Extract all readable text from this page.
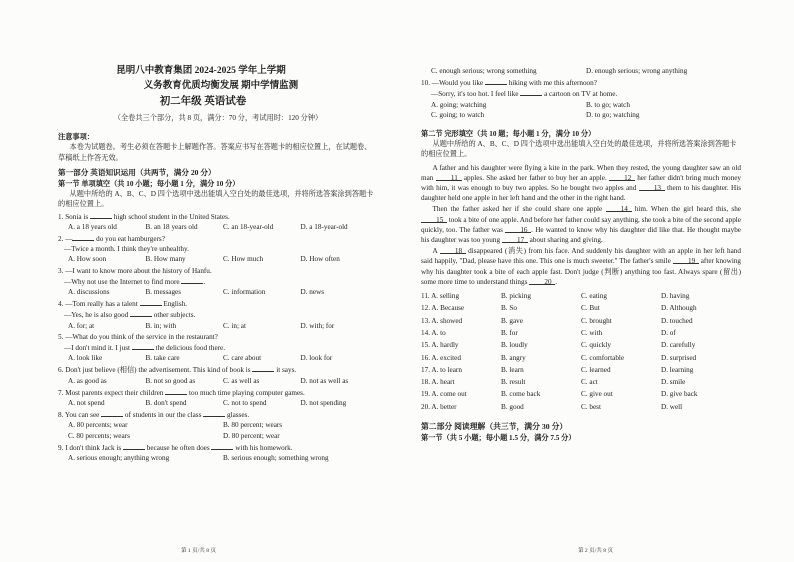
昆明八中教育集团 2024-2025 学年上学期
义务教育优质均衡发展 期中学情监测
初二年级 英语试卷
（全卷共三个部分，共 8 页，满分：70 分，考试用时：120 分钟）
注意事项：
本卷为试题卷。考生必须在答题卡上解题作答。答案应书写在答题卡的相应位置上，在试题卷、草稿纸上作答无效。
第一部分 英语知识运用（共两节，满分 20 分）
第一节 单项填空（共 10 小题；每小题 1 分，满分 10 分）
从题中所给的 A、B、C、D 四个选项中选出能填入空白处的最佳选项，并将所选答案涂到答题卡的相应位置上。
1. Sonia is	high school student in the United States.
A. a 18 years old	B. an 18 years old	C. an 18-year-old	D. a 18-year-old
2. —	do you eat hamburgers?
—Twice a month. I think they're unhealthy.
A. How soon	B. How many	C. How much	D. How often
3. —I want to know more about the history of Hanfu.
—Why not use the Internet to find more	.
A. discussions	B. messages	C. information	D. news
4. —Tom really has a talent	English.
—Yes, he is also good	other subjects.
A. for; at	B. in; with	C. in; at	D. with; for
5. —What do you think of the service in the restaurant?
—I don't mind it. I just	the delicious food there.
A. look like	B. take care	C. care about	D. look for
6. Don't just believe (相信) the advertisement. This kind of book is	it says.
A. as good as	B. not so good as	C. as well as	D. not as well as
7. Most parents expect their children	too much time playing computer games.
A. not spend	B. don't spend	C. not to spend	D. not spending
8. You can see	of students in our the class	glasses.
A. 80 percents; wear	B. 80 percent; wears
C. 80 percents; wears	D. 80 percent; wear
9. I don't think Jack is	because he often does	with his homework.
A. serious enough; anything wrong	B. serious enough; something wrong
第 1 页/共 8 页
C. enough serious; wrong something	D. enough serious; wrong anything
10. —Would you like	hiking with me this afternoon?
—Sorry, it's too hot. I feel like	a cartoon on TV at home.
A. going; watching	B. to go; watch
C. going; to watch	D. to go; watching
第二节 完形填空（共 10 题；每小题 1 分，满分 10 分）
从题中所给的 A、B、C、D 四个选项中选出能填入空白处的最佳选项，并将所选答案涂到答题卡的相应位置上。

A father and his daughter were flying a kite in the park. When they rested, the young daughter saw an old man 11 apples. She asked her father to buy her an apple. 12 her father didn't bring much money with him, it was enough to buy two apples. So he bought two apples and 13 them to his daughter. His daughter held one apple in her left hand and the other in the right hand.

Then the father asked her if she could share one apple 14 him. When the girl heard this, she 15 took a bite of one apple. And before her father could say anything, she took a bite of the second apple quickly, too. The father was 16 . He wanted to know why his daughter did like that. He thought maybe his daughter was too young 17 about sharing and giving.

A 18 disappeared (消失) from his face. And suddenly his daughter with an apple in her left hand said happily, "Dad, please have this one. This one is much sweeter." The father's smile 19 after knowing why his daughter took a bite of each apple fast. Don't judge (判断) anything too fast. Always spare (留出) some more time to understand things 20 .

11. A. selling	B. picking	C. eating	D. having
12. A. Because	B. So	C. But	D. Although
13. A. showed	B. gave	C. brought	D. touched
14. A. to	B. for	C. with	D. of
15. A. hardly	B. loudly	C. quickly	D. carefully
16. A. excited	B. angry	C. comfortable	D. surprised
17. A. to learn	B. learn	C. learned	D. learning
18. A. heart	B. result	C. act	D. smile
19. A. come out	B. come back	C. give out	D. give back
20. A. better	B. good	C. best	D. well
第二部分 阅读理解（共三节，满分 30 分）
第一节（共 5 小题；每小题 1.5 分，满分 7.5 分）
第 2 页/共 8 页
